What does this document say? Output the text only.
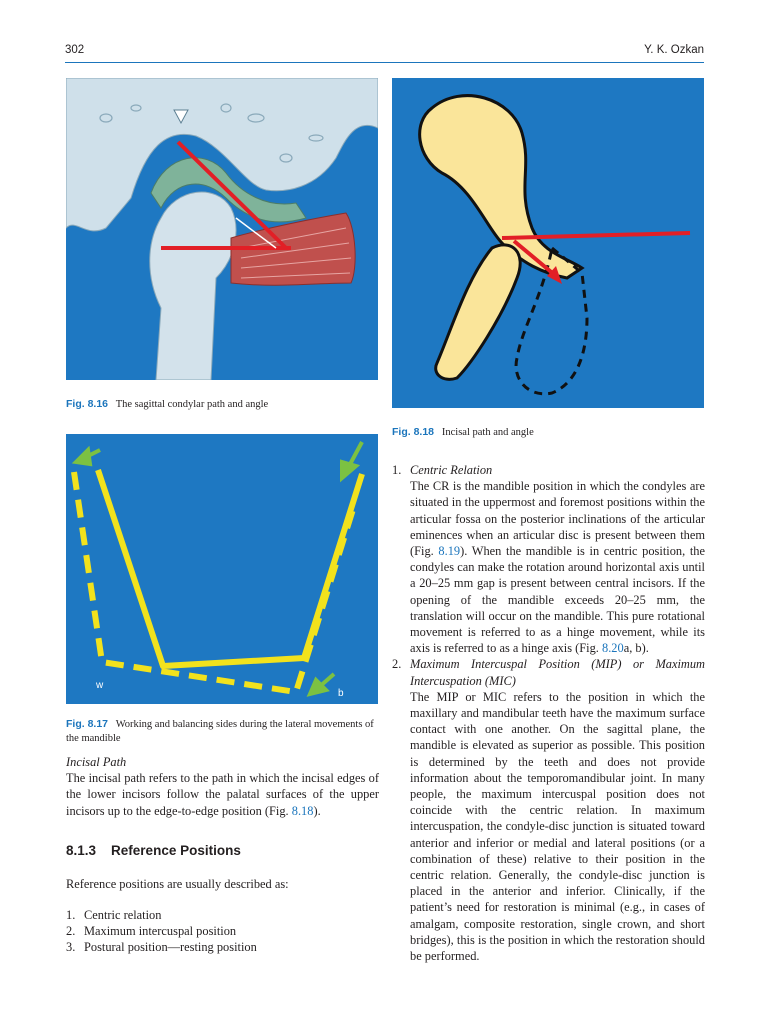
302	Y. K. Ozkan
Fig. 8.16 The sagittal condylar path and angle
w
b
Fig. 8.17 Working and balancing sides during the lateral movements of the mandible
Fig. 8.18 Incisal path and angle
Incisal Path
The incisal path refers to the path in which the incisal edges of the lower incisors follow the palatal surfaces of the upper incisors up to the edge-to-edge position (Fig. 8.18).
8.1.3 Reference Positions
Reference positions are usually described as:
1. Centric relation
2. Maximum intercuspal position
3. Postural position—resting position
1. Centric Relation
The CR is the mandible position in which the condyles are situated in the uppermost and foremost positions within the articular fossa on the posterior inclinations of the articular eminences when an articular disc is present between them (Fig. 8.19). When the mandible is in centric position, the condyles can make the rotation around horizontal axis until a 20–25 mm gap is present between central incisors. If the opening of the mandible exceeds 20–25 mm, the translation will occur on the mandible. This pure rotational movement is referred to as a hinge movement, while its axis is referred to as a hinge axis (Fig. 8.20a, b).
2. Maximum Intercuspal Position (MIP) or Maximum Intercuspation (MIC)
The MIP or MIC refers to the position in which the maxillary and mandibular teeth have the maximum surface contact with one another. On the sagittal plane, the mandible is elevated as superior as possible. This position is determined by the teeth and does not provide information about the temporomandibular joint. In many people, the maximum intercuspal position does not coincide with the centric relation. In maximum intercuspation, the condyle-disc junction is situated toward anterior and inferior or medial and lateral positions (or a combination of these) relative to their position in the centric relation. Generally, the condyle-disc junction is placed in the anterior and inferior. Clinically, if the patient’s need for restoration is minimal (e.g., in cases of amalgam, composite restoration, single crown, and short bridges), this is the position in which the restoration should be performed.
